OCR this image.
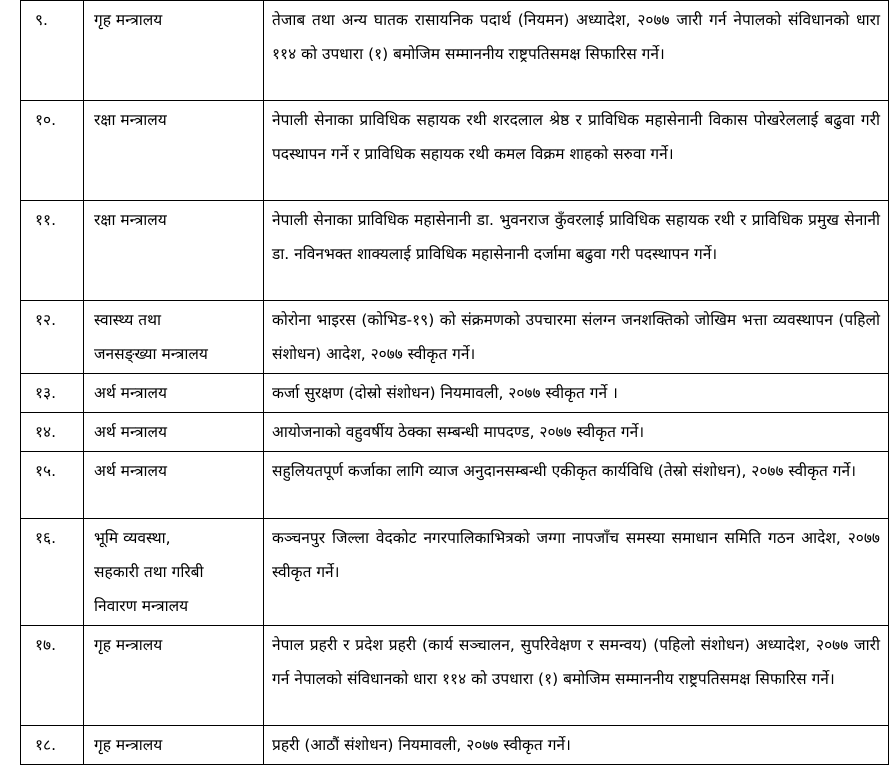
९.	गृह मन्त्रालय	तेजाब तथा अन्य घातक रासायनिक पदार्थ (नियमन) अध्यादेश, २०७७ जारी गर्न नेपालको संविधानको धारा ११४ को उपधारा (१) बमोजिम सम्माननीय राष्ट्रपतिसमक्ष सिफारिस गर्ने।
१०.	रक्षा मन्त्रालय	नेपाली सेनाका प्राविधिक सहायक रथी शरदलाल श्रेष्ठ र प्राविधिक महासेनानी विकास पोखरेललाई बढुवा गरी पदस्थापन गर्ने र प्राविधिक सहायक रथी कमल विक्रम शाहको सरुवा गर्ने।
११.	रक्षा मन्त्रालय	नेपाली सेनाका प्राविधिक महासेनानी डा. भुवनराज कुँवरलाई प्राविधिक सहायक रथी र प्राविधिक प्रमुख सेनानी डा. नविनभक्त शाक्यलाई प्राविधिक महासेनानी दर्जामा बढुवा गरी पदस्थापन गर्ने।
१२.	स्वास्थ्य तथा
जनसङ्ख्या मन्त्रालय	कोरोना भाइरस (कोभिड-१९) को संक्रमणको उपचारमा संलग्न जनशक्तिको जोखिम भत्ता व्यवस्थापन (पहिलो संशोधन) आदेश, २०७७ स्वीकृत गर्ने।
१३.	अर्थ मन्त्रालय	कर्जा सुरक्षण (दोस्रो संशोधन) नियमावली, २०७७ स्वीकृत गर्ने ।
१४.	अर्थ मन्त्रालय	आयोजनाको वहुवर्षीय ठेक्का सम्बन्धी मापदण्ड, २०७७ स्वीकृत गर्ने।
१५.	अर्थ मन्त्रालय	सहुलियतपूर्ण कर्जाका लागि व्याज अनुदानसम्बन्धी एकीकृत कार्यविधि (तेस्रो संशोधन), २०७७ स्वीकृत गर्ने।
१६.	भूमि व्यवस्था,
सहकारी तथा गरिबी
निवारण मन्त्रालय	कञ्चनपुर जिल्ला वेदकोट नगरपालिकाभित्रको जग्गा नापजाँच समस्या समाधान समिति गठन आदेश, २०७७ स्वीकृत गर्ने।
१७.	गृह मन्त्रालय	नेपाल प्रहरी र प्रदेश प्रहरी (कार्य सञ्चालन, सुपरिवेक्षण र समन्वय) (पहिलो संशोधन) अध्यादेश, २०७७ जारी गर्न नेपालको संविधानको धारा ११४ को उपधारा (१) बमोजिम सम्माननीय राष्ट्रपतिसमक्ष सिफारिस गर्ने।
१८.	गृह मन्त्रालय	प्रहरी (आठौं संशोधन) नियमावली, २०७७ स्वीकृत गर्ने।
